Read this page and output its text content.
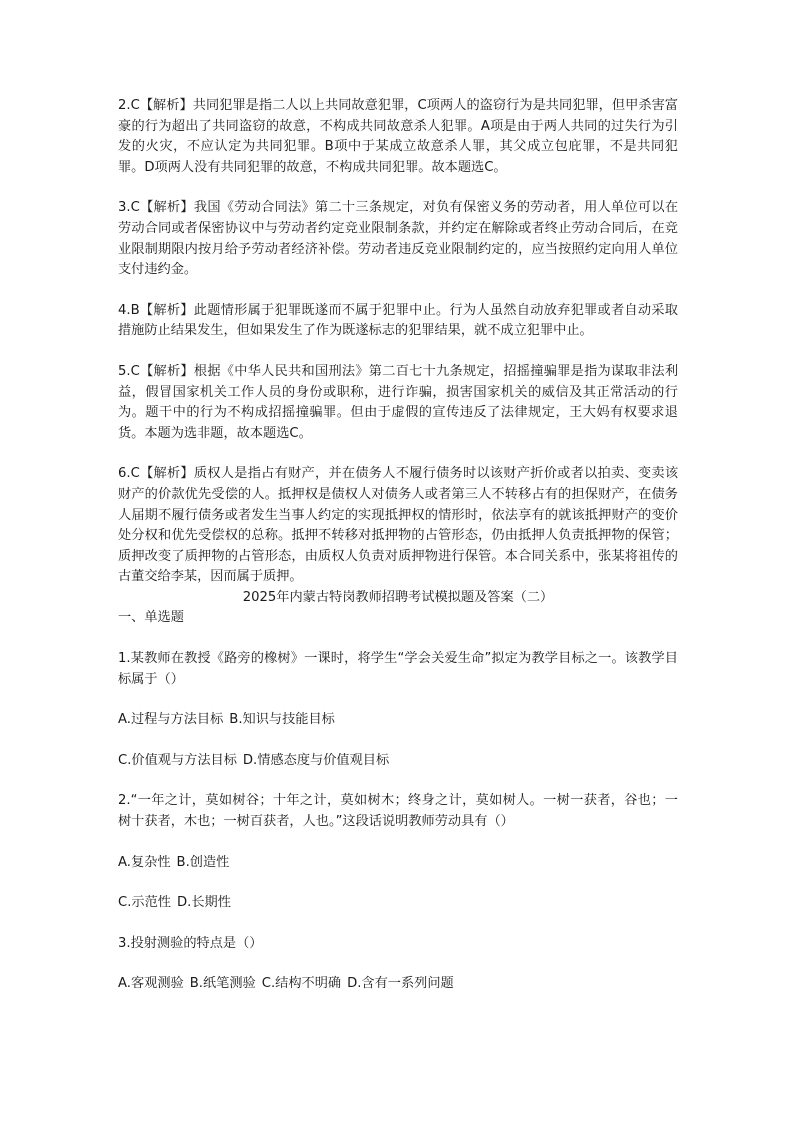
2.C【解析】共同犯罪是指二人以上共同故意犯罪，C项两人的盗窃行为是共同犯罪，但甲杀害富豪的行为超出了共同盗窃的故意，不构成共同故意杀人犯罪。A项是由于两人共同的过失行为引发的火灾，不应认定为共同犯罪。B项中于某成立故意杀人罪，其父成立包庇罪，不是共同犯罪。D项两人没有共同犯罪的故意，不构成共同犯罪。故本题选C。

3.C【解析】我国《劳动合同法》第二十三条规定，对负有保密义务的劳动者，用人单位可以在劳动合同或者保密协议中与劳动者约定竞业限制条款，并约定在解除或者终止劳动合同后，在竞业限制期限内按月给予劳动者经济补偿。劳动者违反竞业限制约定的，应当按照约定向用人单位支付违约金。

4.B【解析】此题情形属于犯罪既遂而不属于犯罪中止。行为人虽然自动放弃犯罪或者自动采取措施防止结果发生，但如果发生了作为既遂标志的犯罪结果，就不成立犯罪中止。

5.C【解析】根据《中华人民共和国刑法》第二百七十九条规定，招摇撞骗罪是指为谋取非法利益，假冒国家机关工作人员的身份或职称，进行诈骗，损害国家机关的威信及其正常活动的行为。题干中的行为不构成招摇撞骗罪。但由于虚假的宣传违反了法律规定，王大妈有权要求退货。本题为选非题，故本题选C。

6.C【解析】质权人是指占有财产，并在债务人不履行债务时以该财产折价或者以拍卖、变卖该财产的价款优先受偿的人。抵押权是债权人对债务人或者第三人不转移占有的担保财产，在债务人届期不履行债务或者发生当事人约定的实现抵押权的情形时，依法享有的就该抵押财产的变价处分权和优先受偿权的总称。抵押不转移对抵押物的占管形态，仍由抵押人负责抵押物的保管；质押改变了质押物的占管形态，由质权人负责对质押物进行保管。本合同关系中，张某将祖传的古董交给李某，因而属于质押。

2025年内蒙古特岗教师招聘考试模拟题及答案（二）

一、单选题

1.某教师在教授《路旁的橡树》一课时，将学生“学会关爱生命”拟定为教学目标之一。该教学目标属于（）

A.过程与方法目标 B.知识与技能目标

C.价值观与方法目标 D.情感态度与价值观目标

2.“一年之计，莫如树谷；十年之计，莫如树木；终身之计，莫如树人。一树一获者，谷也；一树十获者，木也；一树百获者，人也。”这段话说明教师劳动具有（）

A.复杂性 B.创造性

C.示范性 D.长期性

3.投射测验的特点是（）

A.客观测验 B.纸笔测验 C.结构不明确 D.含有一系列问题
